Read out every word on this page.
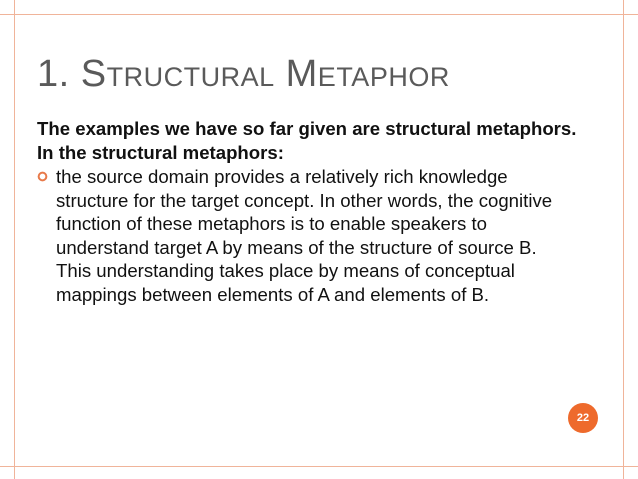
1. Structural Metaphor

The examples we have so far given are structural metaphors. In the structural metaphors:

the source domain provides a relatively rich knowledge structure for the target concept. In other words, the cognitive function of these metaphors is to enable speakers to understand target A by means of the structure of source B. This understanding takes place by means of conceptual mappings between elements of A and elements of B.
22
